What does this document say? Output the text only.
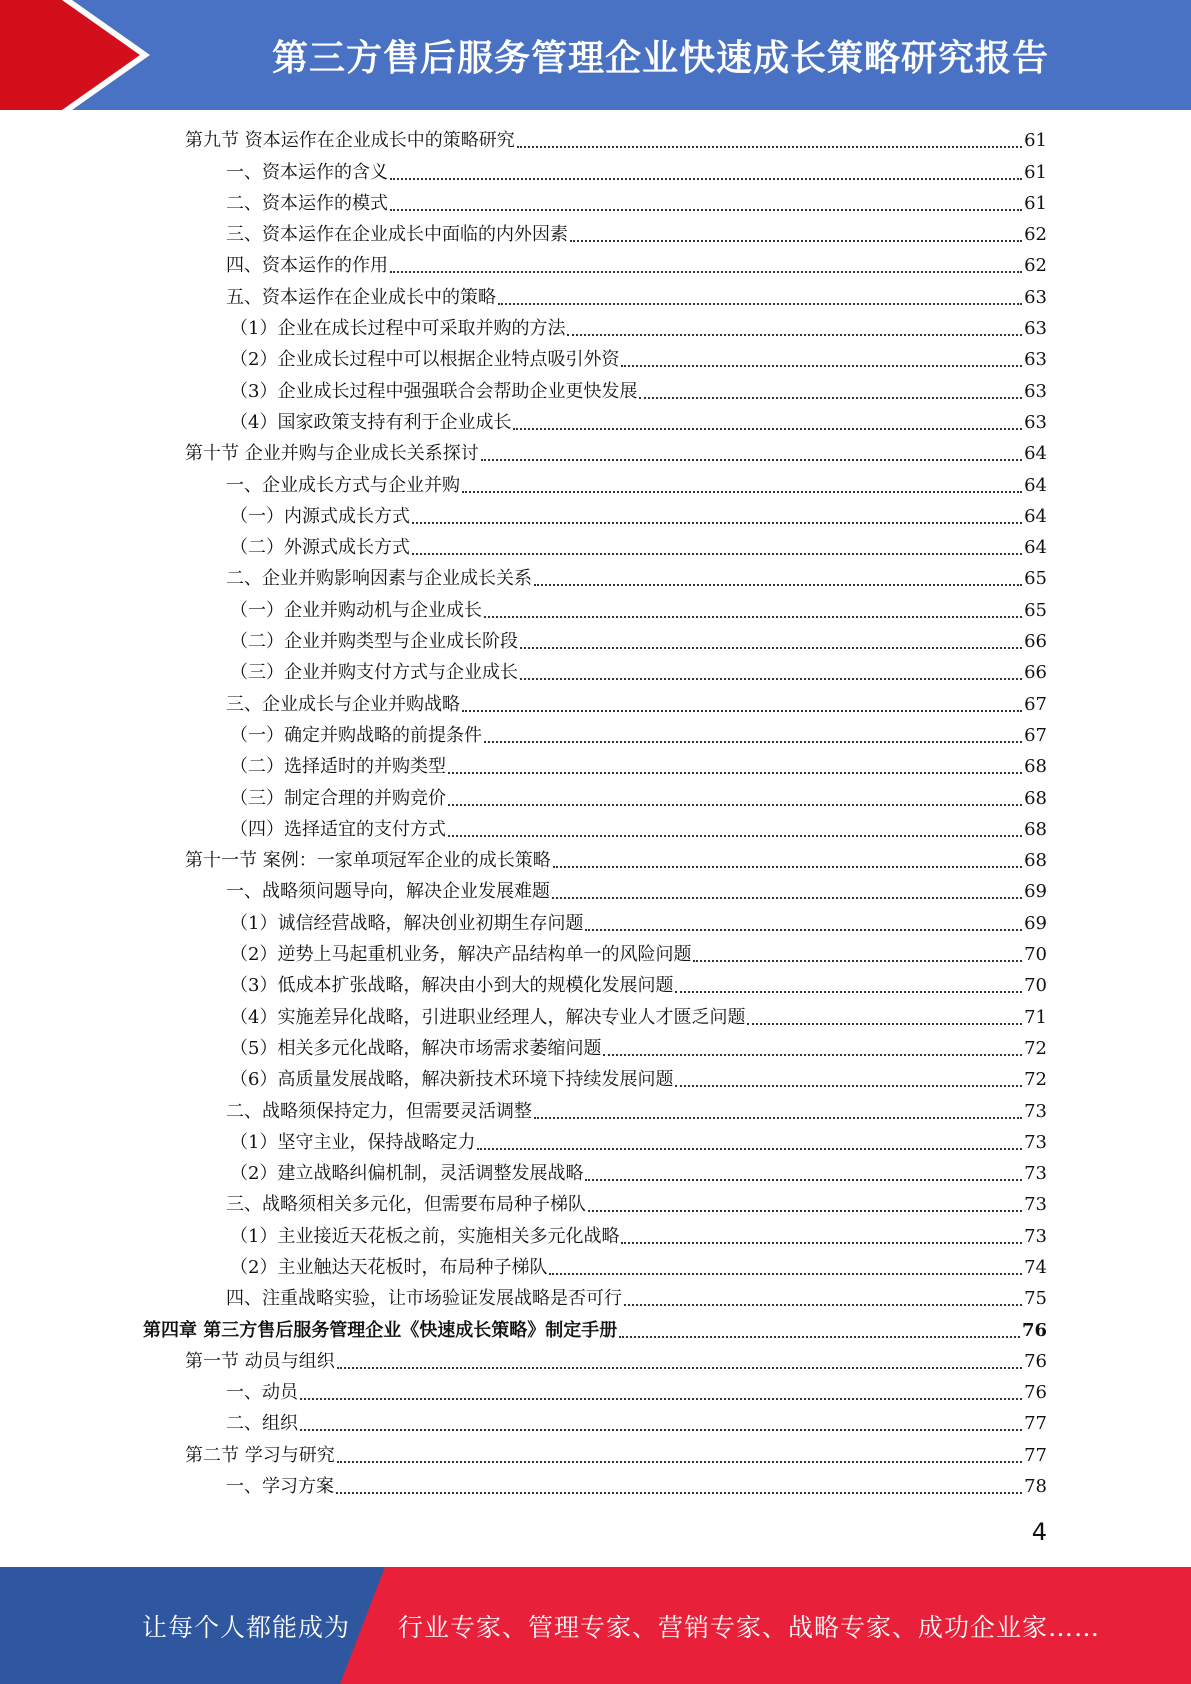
第三方售后服务管理企业快速成长策略研究报告
第九节 资本运作在企业成长中的策略研究	61
一、资本运作的含义	61
二、资本运作的模式	61
三、资本运作在企业成长中面临的内外因素	62
四、资本运作的作用	62
五、资本运作在企业成长中的策略	63
（1）企业在成长过程中可采取并购的方法	63
（2）企业成长过程中可以根据企业特点吸引外资	63
（3）企业成长过程中强强联合会帮助企业更快发展	63
（4）国家政策支持有利于企业成长	63
第十节 企业并购与企业成长关系探讨	64
一、企业成长方式与企业并购	64
（一）内源式成长方式	64
（二）外源式成长方式	64
二、企业并购影响因素与企业成长关系	65
（一）企业并购动机与企业成长	65
（二）企业并购类型与企业成长阶段	66
（三）企业并购支付方式与企业成长	66
三、企业成长与企业并购战略	67
（一）确定并购战略的前提条件	67
（二）选择适时的并购类型	68
（三）制定合理的并购竞价	68
（四）选择适宜的支付方式	68
第十一节 案例：一家单项冠军企业的成长策略	68
一、战略须问题导向，解决企业发展难题	69
（1）诚信经营战略，解决创业初期生存问题	69
（2）逆势上马起重机业务，解决产品结构单一的风险问题	70
（3）低成本扩张战略，解决由小到大的规模化发展问题	70
（4）实施差异化战略，引进职业经理人，解决专业人才匮乏问题	71
（5）相关多元化战略，解决市场需求萎缩问题	72
（6）高质量发展战略，解决新技术环境下持续发展问题	72
二、战略须保持定力，但需要灵活调整	73
（1）坚守主业，保持战略定力	73
（2）建立战略纠偏机制，灵活调整发展战略	73
三、战略须相关多元化，但需要布局种子梯队	73
（1）主业接近天花板之前，实施相关多元化战略	73
（2）主业触达天花板时，布局种子梯队	74
四、注重战略实验，让市场验证发展战略是否可行	75
第四章 第三方售后服务管理企业《快速成长策略》制定手册	76
第一节 动员与组织	76
一、动员	76
二、组织	77
第二节 学习与研究	77
一、学习方案	78
4
让每个人都能成为 行业专家、管理专家、营销专家、战略专家、成功企业家……
